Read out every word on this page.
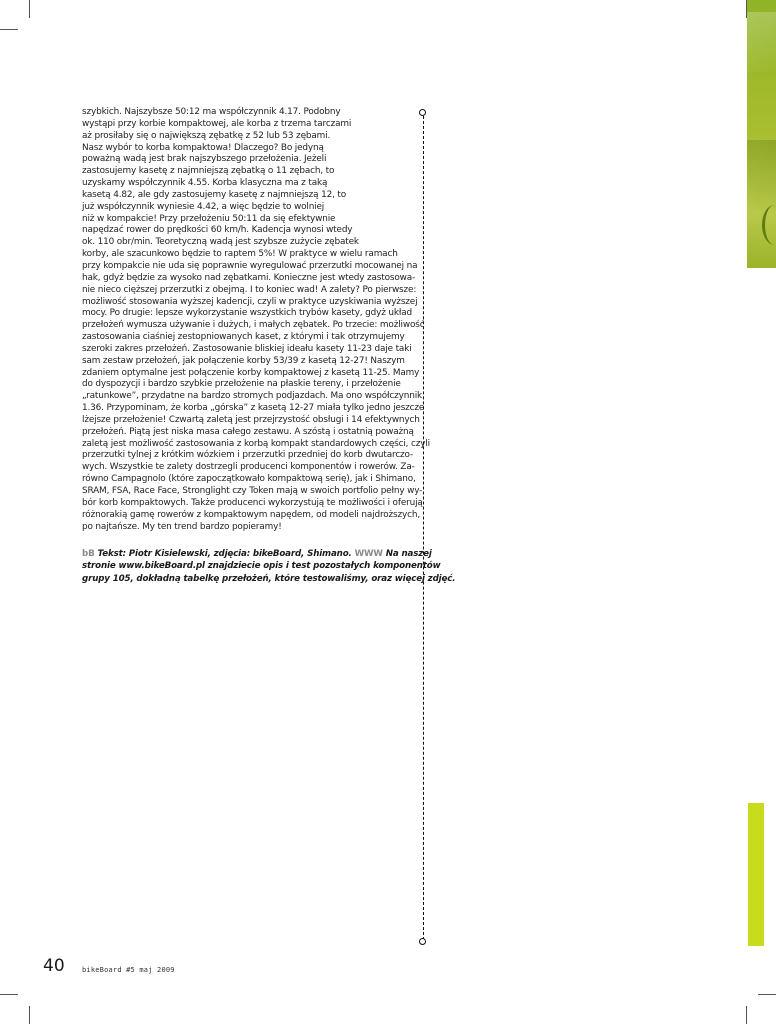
szybkich. Najszybsze 50:12 ma współczynnik 4.17. Podobny
wystąpi przy korbie kompaktowej, ale korba z trzema tarczami
aż prosiłaby się o największą zębatkę z 52 lub 53 zębami.
Nasz wybór to korba kompaktowa! Dlaczego? Bo jedyną
poważną wadą jest brak najszybszego przełożenia. Jeżeli
zastosujemy kasetę z najmniejszą zębatką o 11 zębach, to
uzyskamy współczynnik 4.55. Korba klasyczna ma z taką
kasetą 4.82, ale gdy zastosujemy kasetę z najmniejszą 12, to
już współczynnik wyniesie 4.42, a więc będzie to wolniej
niż w kompakcie! Przy przełożeniu 50:11 da się efektywnie
napędzać rower do prędkości 60 km/h. Kadencja wynosi wtedy
ok. 110 obr/min. Teoretyczną wadą jest szybsze zużycie zębatek
korby, ale szacunkowo będzie to raptem 5%! W praktyce w wielu ramach
przy kompakcie nie uda się poprawnie wyregulować przerzutki mocowanej na
hak, gdyż będzie za wysoko nad zębatkami. Konieczne jest wtedy zastosowa-
nie nieco cięższej przerzutki z obejmą. I to koniec wad! A zalety? Po pierwsze:
możliwość stosowania wyższej kadencji, czyli w praktyce uzyskiwania wyższej
mocy. Po drugie: lepsze wykorzystanie wszystkich trybów kasety, gdyż układ
przełożeń wymusza używanie i dużych, i małych zębatek. Po trzecie: możliwość
zastosowania ciaśniej zestopniowanych kaset, z którymi i tak otrzymujemy
szeroki zakres przełożeń. Zastosowanie bliskiej ideału kasety 11-23 daje taki
sam zestaw przełożeń, jak połączenie korby 53/39 z kasetą 12-27! Naszym
zdaniem optymalne jest połączenie korby kompaktowej z kasetą 11-25. Mamy
do dyspozycji i bardzo szybkie przełożenie na płaskie tereny, i przełożenie
„ratunkowe”, przydatne na bardzo stromych podjazdach. Ma ono współczynnik
1.36. Przypominam, że korba „górska” z kasetą 12-27 miała tylko jedno jeszcze
lżejsze przełożenie! Czwartą zaletą jest przejrzystość obsługi i 14 efektywnych
przełożeń. Piątą jest niska masa całego zestawu. A szóstą i ostatnią poważną
zaletą jest możliwość zastosowania z korbą kompakt standardowych części, czyli
przerzutki tylnej z krótkim wózkiem i przerzutki przedniej do korb dwutarczo-
wych. Wszystkie te zalety dostrzegli producenci komponentów i rowerów. Za-
równo Campagnolo (które zapoczątkowało kompaktową serię), jak i Shimano,
SRAM, FSA, Race Face, Stronglight czy Token mają w swoich portfolio pełny wy-
bór korb kompaktowych. Także producenci wykorzystują te możliwości i oferują
różnorakią gamę rowerów z kompaktowym napędem, od modeli najdroższych,
po najtańsze. My ten trend bardzo popieramy!
bB Tekst: Piotr Kisielewski, zdjęcia: bikeBoard, Shimano. WWW Na naszej
stronie www.bikeBoard.pl znajdziecie opis i test pozostałych komponentów
grupy 105, dokładną tabelkę przełożeń, które testowaliśmy, oraz więcej zdjęć.
40 bikeBoard #5 maj 2009
